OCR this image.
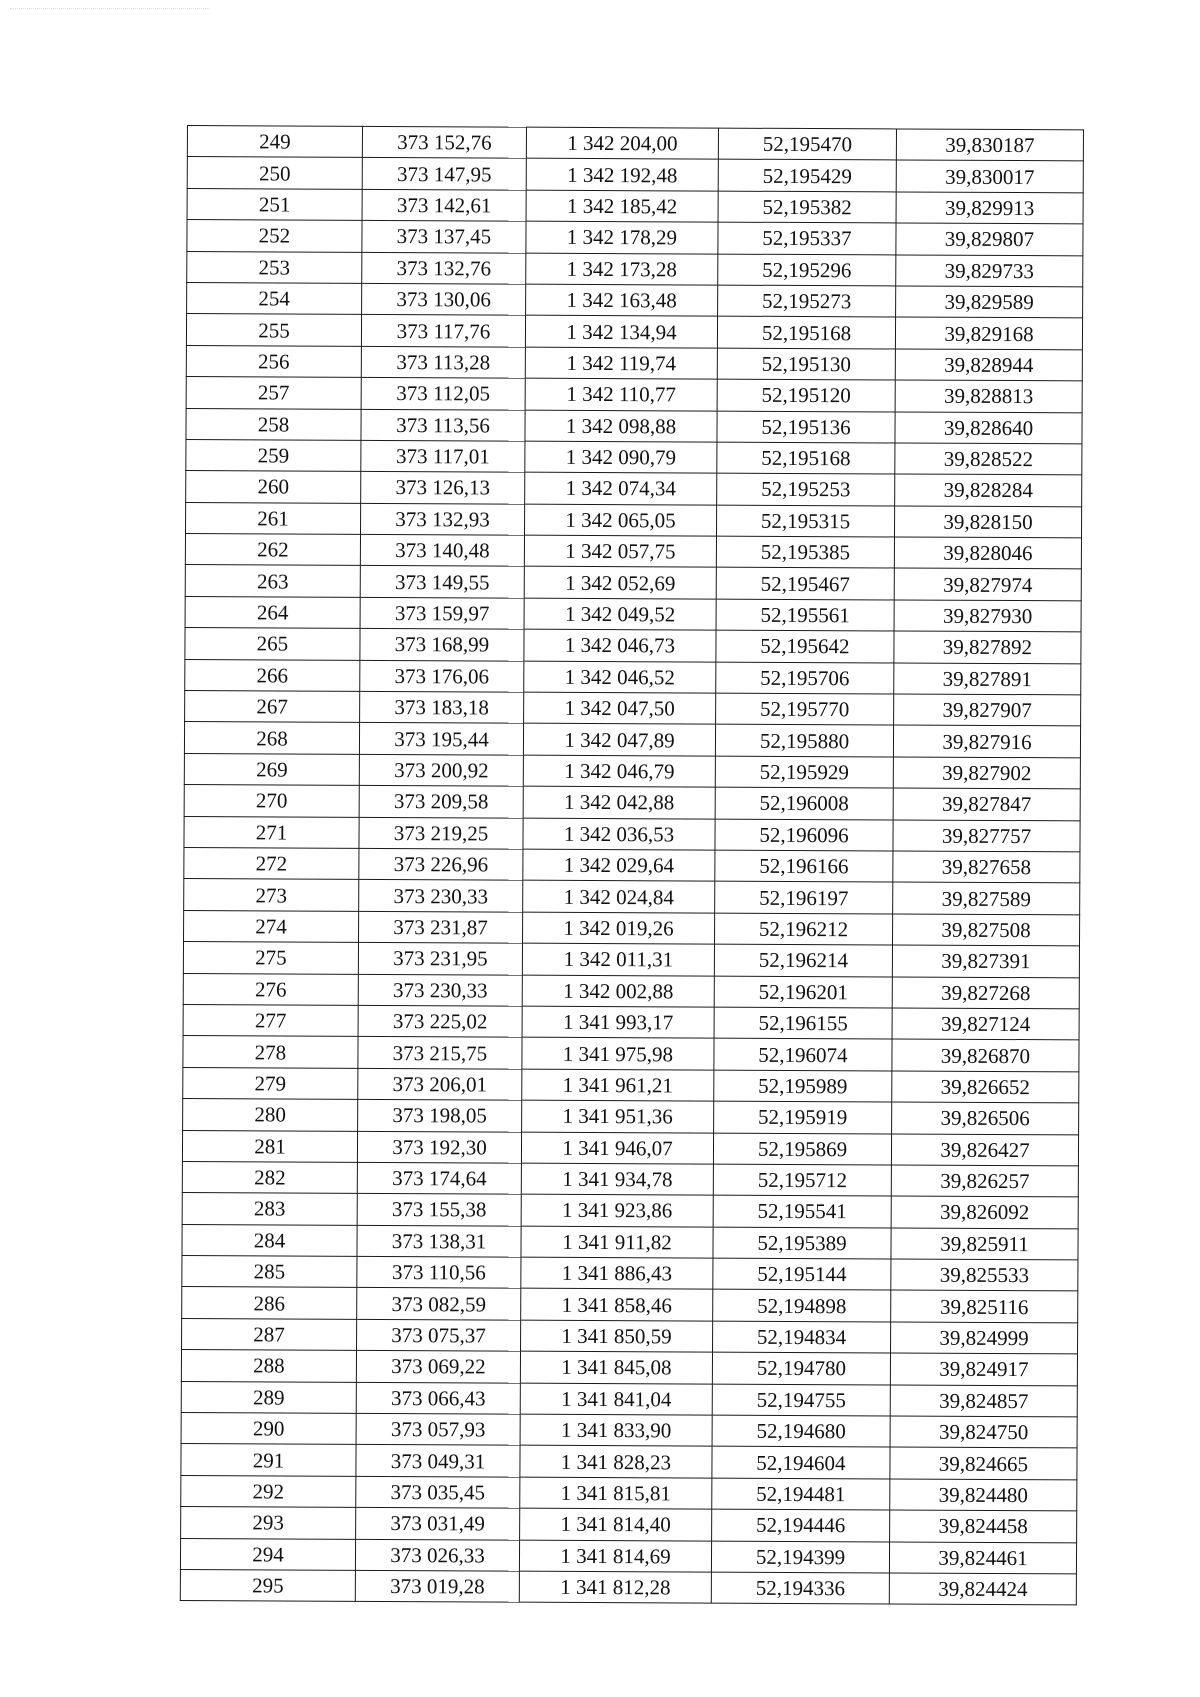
249	373 152,76	1 342 204,00	52,195470	39,830187
250	373 147,95	1 342 192,48	52,195429	39,830017
251	373 142,61	1 342 185,42	52,195382	39,829913
252	373 137,45	1 342 178,29	52,195337	39,829807
253	373 132,76	1 342 173,28	52,195296	39,829733
254	373 130,06	1 342 163,48	52,195273	39,829589
255	373 117,76	1 342 134,94	52,195168	39,829168
256	373 113,28	1 342 119,74	52,195130	39,828944
257	373 112,05	1 342 110,77	52,195120	39,828813
258	373 113,56	1 342 098,88	52,195136	39,828640
259	373 117,01	1 342 090,79	52,195168	39,828522
260	373 126,13	1 342 074,34	52,195253	39,828284
261	373 132,93	1 342 065,05	52,195315	39,828150
262	373 140,48	1 342 057,75	52,195385	39,828046
263	373 149,55	1 342 052,69	52,195467	39,827974
264	373 159,97	1 342 049,52	52,195561	39,827930
265	373 168,99	1 342 046,73	52,195642	39,827892
266	373 176,06	1 342 046,52	52,195706	39,827891
267	373 183,18	1 342 047,50	52,195770	39,827907
268	373 195,44	1 342 047,89	52,195880	39,827916
269	373 200,92	1 342 046,79	52,195929	39,827902
270	373 209,58	1 342 042,88	52,196008	39,827847
271	373 219,25	1 342 036,53	52,196096	39,827757
272	373 226,96	1 342 029,64	52,196166	39,827658
273	373 230,33	1 342 024,84	52,196197	39,827589
274	373 231,87	1 342 019,26	52,196212	39,827508
275	373 231,95	1 342 011,31	52,196214	39,827391
276	373 230,33	1 342 002,88	52,196201	39,827268
277	373 225,02	1 341 993,17	52,196155	39,827124
278	373 215,75	1 341 975,98	52,196074	39,826870
279	373 206,01	1 341 961,21	52,195989	39,826652
280	373 198,05	1 341 951,36	52,195919	39,826506
281	373 192,30	1 341 946,07	52,195869	39,826427
282	373 174,64	1 341 934,78	52,195712	39,826257
283	373 155,38	1 341 923,86	52,195541	39,826092
284	373 138,31	1 341 911,82	52,195389	39,825911
285	373 110,56	1 341 886,43	52,195144	39,825533
286	373 082,59	1 341 858,46	52,194898	39,825116
287	373 075,37	1 341 850,59	52,194834	39,824999
288	373 069,22	1 341 845,08	52,194780	39,824917
289	373 066,43	1 341 841,04	52,194755	39,824857
290	373 057,93	1 341 833,90	52,194680	39,824750
291	373 049,31	1 341 828,23	52,194604	39,824665
292	373 035,45	1 341 815,81	52,194481	39,824480
293	373 031,49	1 341 814,40	52,194446	39,824458
294	373 026,33	1 341 814,69	52,194399	39,824461
295	373 019,28	1 341 812,28	52,194336	39,824424
